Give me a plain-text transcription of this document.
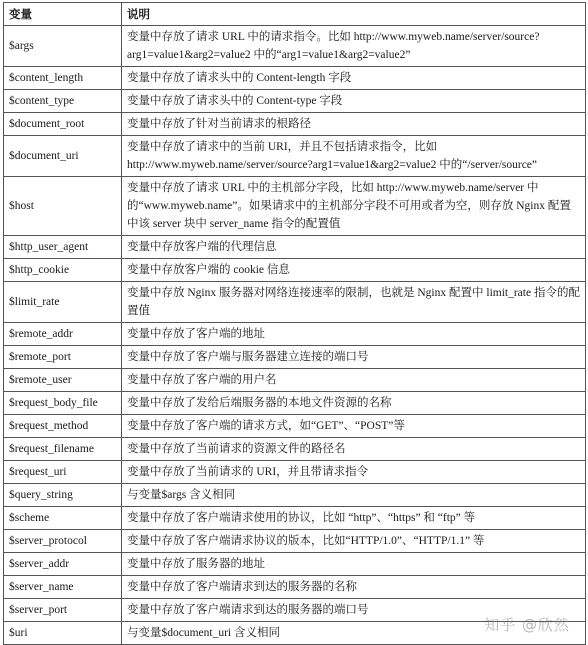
变量	说明
$args	变量中存放了请求 URL 中的请求指令。比如 http://www.myweb.name/server/source?arg1=value1&arg2=value2 中的“arg1=value1&arg2=value2”
$content_length	变量中存放了请求头中的 Content-length 字段
$content_type	变量中存放了请求头中的 Content-type 字段
$document_root	变量中存放了针对当前请求的根路径
$document_uri	变量中存放了请求中的当前 URI，并且不包括请求指令，比如 http://www.myweb.name/server/source?arg1=value1&arg2=value2 中的“/server/source”
$host	变量中存放了请求 URL 中的主机部分字段，比如 http://www.myweb.name/server 中的“www.myweb.name”。如果请求中的主机部分字段不可用或者为空，则存放 Nginx 配置中该 server 块中 server_name 指令的配置值
$http_user_agent	变量中存放客户端的代理信息
$http_cookie	变量中存放客户端的 cookie 信息
$limit_rate	变量中存放 Nginx 服务器对网络连接速率的限制，也就是 Nginx 配置中 limit_rate 指令的配置值
$remote_addr	变量中存放了客户端的地址
$remote_port	变量中存放了客户端与服务器建立连接的端口号
$remote_user	变量中存放了客户端的用户名
$request_body_file	变量中存放了发给后端服务器的本地文件资源的名称
$request_method	变量中存放了客户端的请求方式，如“GET”、“POST”等
$request_filename	变量中存放了当前请求的资源文件的路径名
$request_uri	变量中存放了当前请求的 URI，并且带请求指令
$query_string	与变量$args 含义相同
$scheme	变量中存放了客户端请求使用的协议，比如 “http”、“https” 和 “ftp” 等
$server_protocol	变量中存放了客户端请求协议的版本，比如“HTTP/1.0”、“HTTP/1.1” 等
$server_addr	变量中存放了服务器的地址
$server_name	变量中存放了客户端请求到达的服务器的名称
$server_port	变量中存放了客户端请求到达的服务器的端口号
$uri	与变量$document_uri 含义相同	知乎 @欣然
